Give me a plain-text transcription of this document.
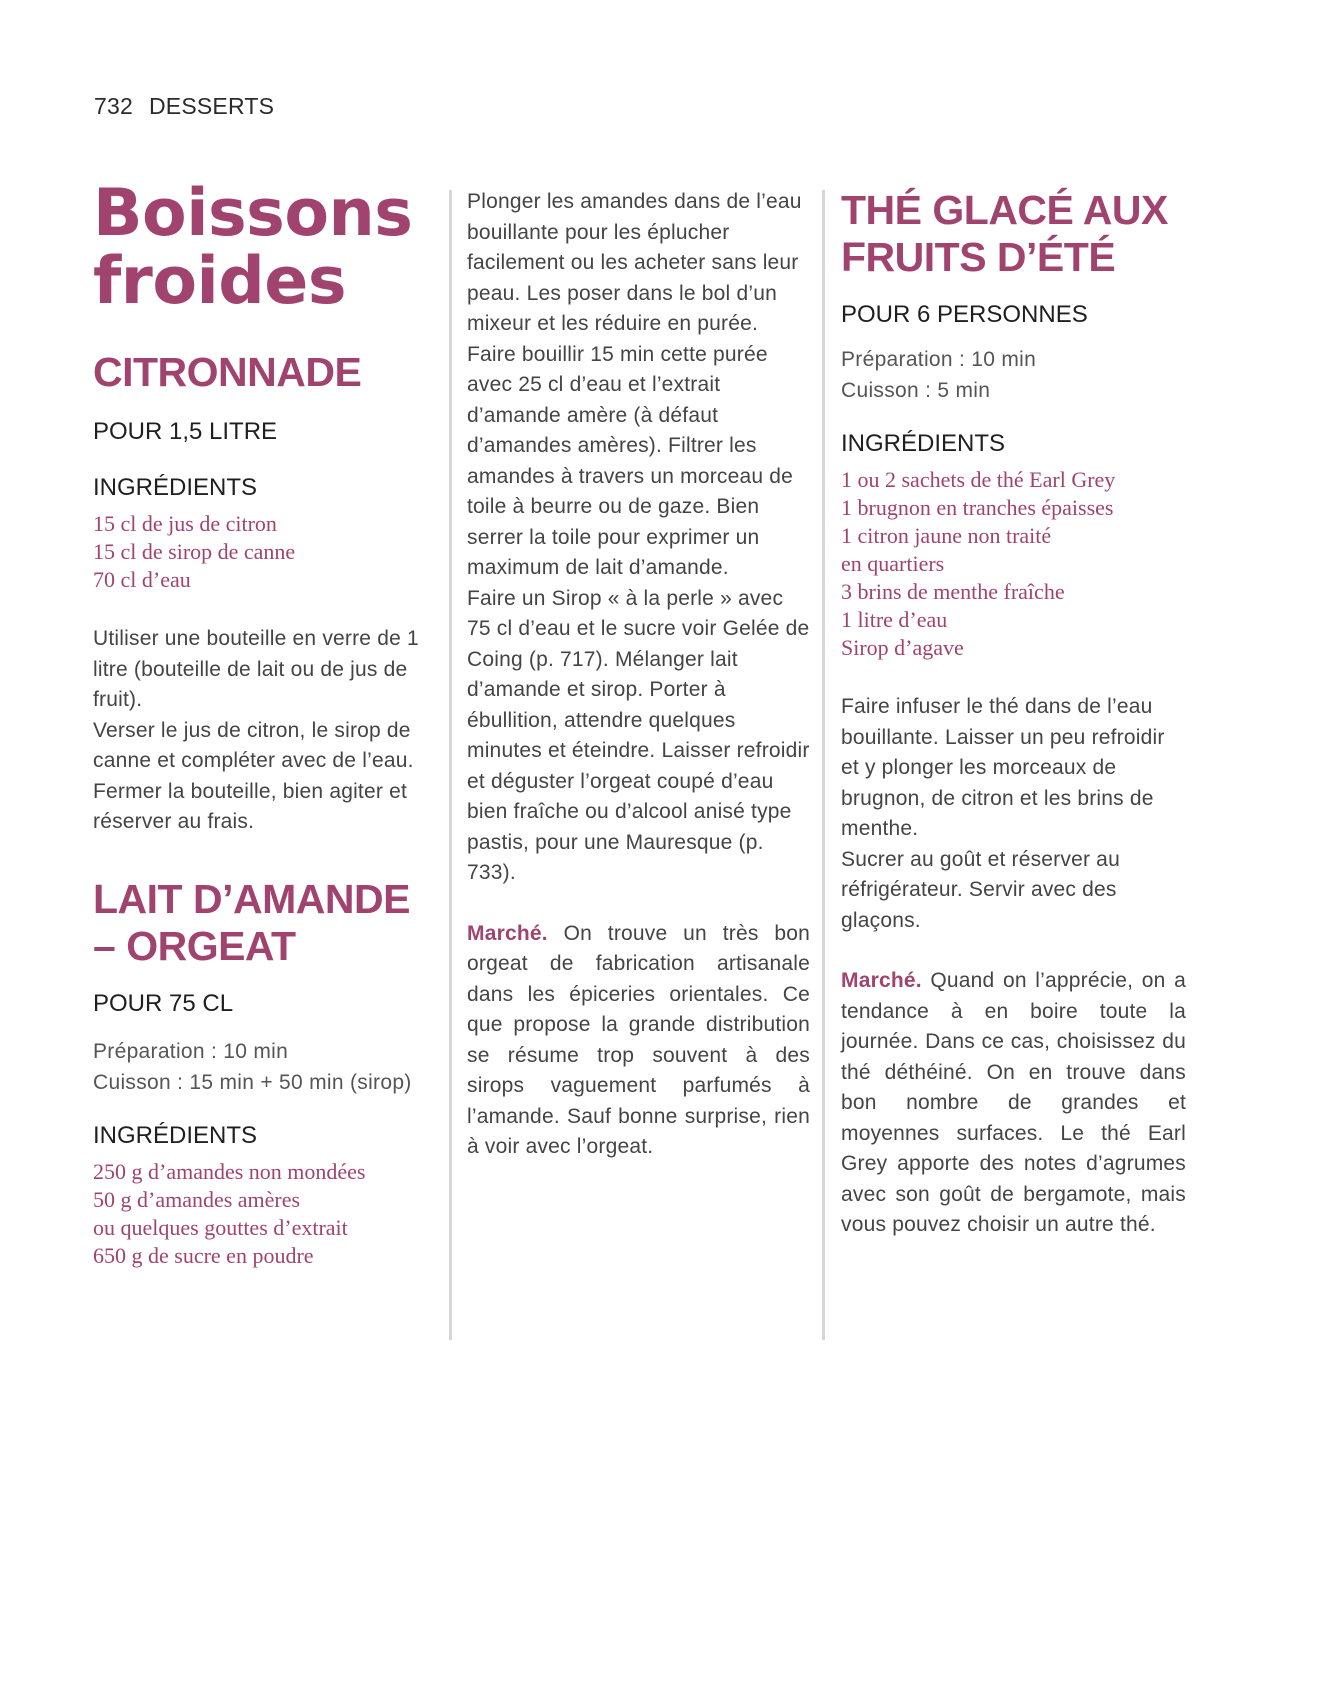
732 DESSERTS
Boissons
froides
CITRONNADE

POUR 1,5 LITRE

INGRÉDIENTS

15 cl de jus de citron
15 cl de sirop de canne
70 cl d’eau

Utiliser une bouteille en verre de 1 litre (bouteille de lait ou de jus de fruit).

Verser le jus de citron, le sirop de canne et compléter avec de l’eau. Fermer la bouteille, bien agiter et réserver au frais.

LAIT D’AMANDE
– ORGEAT

POUR 75 CL

Préparation : 10 min
Cuisson : 15 min + 50 min (sirop)

INGRÉDIENTS

250 g d’amandes non mondées
50 g d’amandes amères
ou quelques gouttes d’extrait
650 g de sucre en poudre

Plonger les amandes dans de l’eau bouillante pour les éplucher facilement ou les acheter sans leur peau. Les poser dans le bol d’un mixeur et les réduire en purée. Faire bouillir 15 min cette purée avec 25 cl d’eau et l’extrait d’amande amère (à défaut d’amandes amères). Filtrer les amandes à travers un morceau de toile à beurre ou de gaze. Bien serrer la toile pour exprimer un maximum de lait d’amande.

Faire un Sirop « à la perle » avec 75 cl d’eau et le sucre voir Gelée de Coing (p. 717). Mélanger lait d’amande et sirop. Porter à ébullition, attendre quelques minutes et éteindre. Laisser refroidir et déguster l’orgeat coupé d’eau bien fraîche ou d’alcool anisé type pastis, pour une Mauresque (p. 733).

Marché. On trouve un très bon orgeat de fabrication artisanale dans les épiceries orientales. Ce que propose la grande distribution se résume trop souvent à des sirops vaguement parfumés à l’amande. Sauf bonne surprise, rien à voir avec l’orgeat.

THÉ GLACÉ AUX
FRUITS D’ÉTÉ

POUR 6 PERSONNES

Préparation : 10 min
Cuisson : 5 min

INGRÉDIENTS

1 ou 2 sachets de thé Earl Grey
1 brugnon en tranches épaisses
1 citron jaune non traité
en quartiers
3 brins de menthe fraîche
1 litre d’eau
Sirop d’agave

Faire infuser le thé dans de l’eau bouillante. Laisser un peu refroidir et y plonger les morceaux de brugnon, de citron et les brins de menthe.

Sucrer au goût et réserver au réfrigérateur. Servir avec des glaçons.

Marché. Quand on l’apprécie, on a tendance à en boire toute la journée. Dans ce cas, choisissez du thé déthéiné. On en trouve dans bon nombre de grandes et moyennes surfaces. Le thé Earl Grey apporte des notes d’agrumes avec son goût de bergamote, mais vous pouvez choisir un autre thé.
